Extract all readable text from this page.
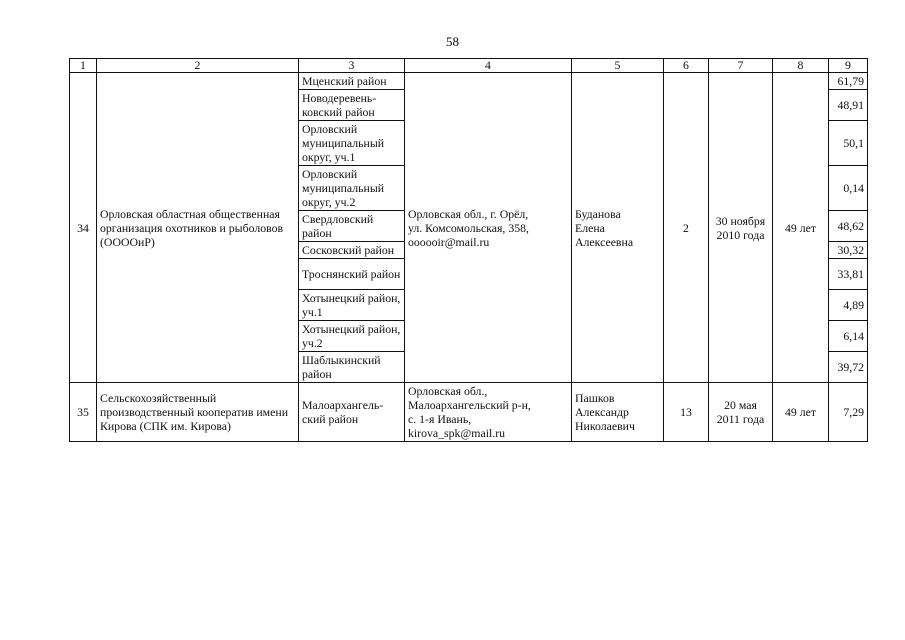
58
1	2	3	4	5	6	7	8	9
34	Орловская областная общественная организация охотников и рыболовов (ООООиР)	Мценский район	Орловская обл., г. Орёл,
ул. Комсомольская, 358,
oooooir@mail.ru	Буданова
Елена
Алексеевна	2	30 ноября
2010 года	49 лет	61,79
		Новодеревень-ковский район						48,91
		Орловский муниципальный округ, уч.1						50,1
		Орловский муниципальный округ, уч.2						0,14
		Свердловский район						48,62
		Сосковский район						30,32
		Троснянский район						33,81
		Хотынецкий район, уч.1						4,89
		Хотынецкий район, уч.2						6,14
		Шаблыкинский район						39,72
35	Сельскохозяйственный производственный кооператив имени Кирова (СПК им. Кирова)	Малоархангель-ский район	Орловская обл.,
Малоархангельский р-н,
с. 1-я Ивань,
kirova_spk@mail.ru	Пашков
Александр
Николаевич	13	20 мая
2011 года	49 лет	7,29
